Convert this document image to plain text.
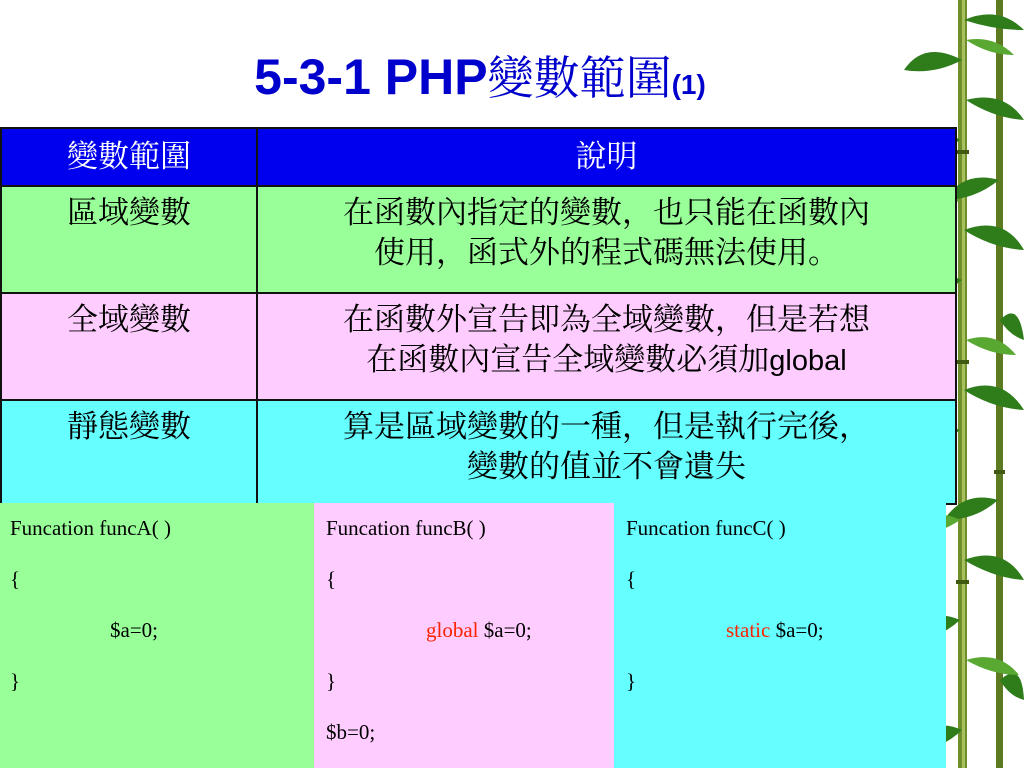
5-3-1 PHP變數範圍(1)
變數範圍	說明
區域變數	在函數內指定的變數，也只能在函數內
使用，函式外的程式碼無法使用。
全域變數	在函數外宣告即為全域變數，但是若想
在函數內宣告全域變數必須加global
靜態變數	算是區域變數的一種，但是執行完後，
變數的值並不會遺失
Funcation funcA( )
{
$a=0;
}
Funcation funcB( )
{
global $a=0;
}
$b=0;
Funcation funcC( )
{
static $a=0;
}
